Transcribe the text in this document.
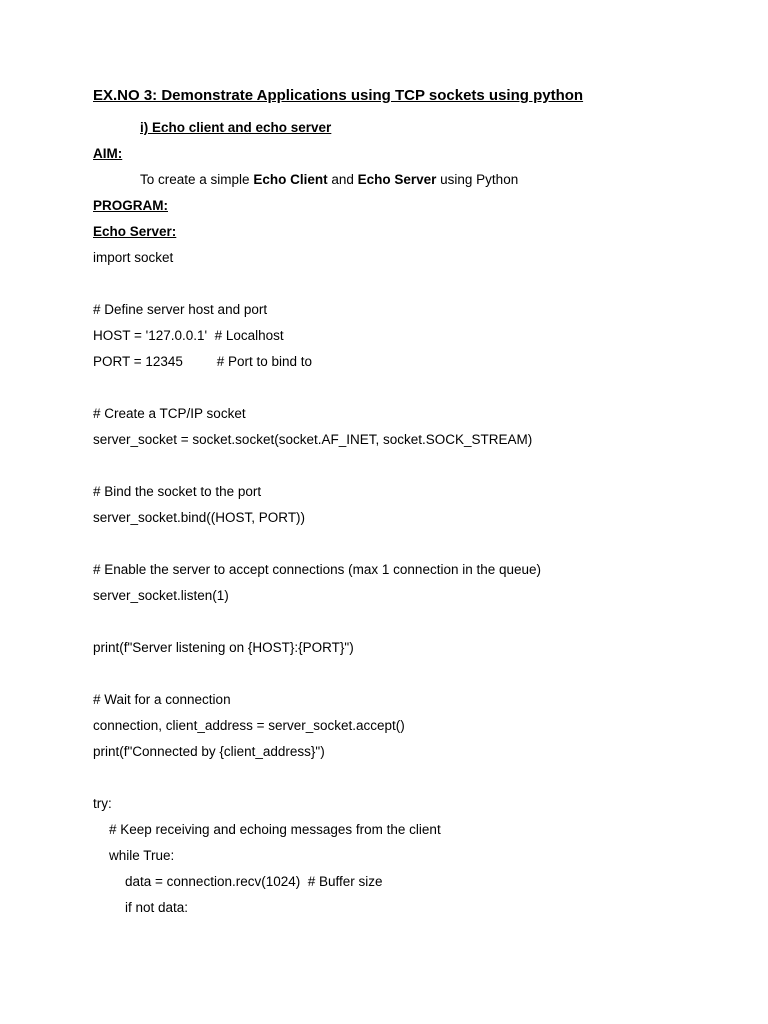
EX.NO 3: Demonstrate Applications using TCP sockets using python

i) Echo client and echo server
AIM:
To create a simple Echo Client and Echo Server using Python
PROGRAM:
Echo Server:
import socket
# Define server host and port
HOST = '127.0.0.1'  # Localhost
PORT = 12345         # Port to bind to
# Create a TCP/IP socket
server_socket = socket.socket(socket.AF_INET, socket.SOCK_STREAM)
# Bind the socket to the port
server_socket.bind((HOST, PORT))
# Enable the server to accept connections (max 1 connection in the queue)
server_socket.listen(1)
print(f"Server listening on {HOST}:{PORT}")
# Wait for a connection
connection, client_address = server_socket.accept()
print(f"Connected by {client_address}")
try:
# Keep receiving and echoing messages from the client
while True:
data = connection.recv(1024)  # Buffer size
if not data:
